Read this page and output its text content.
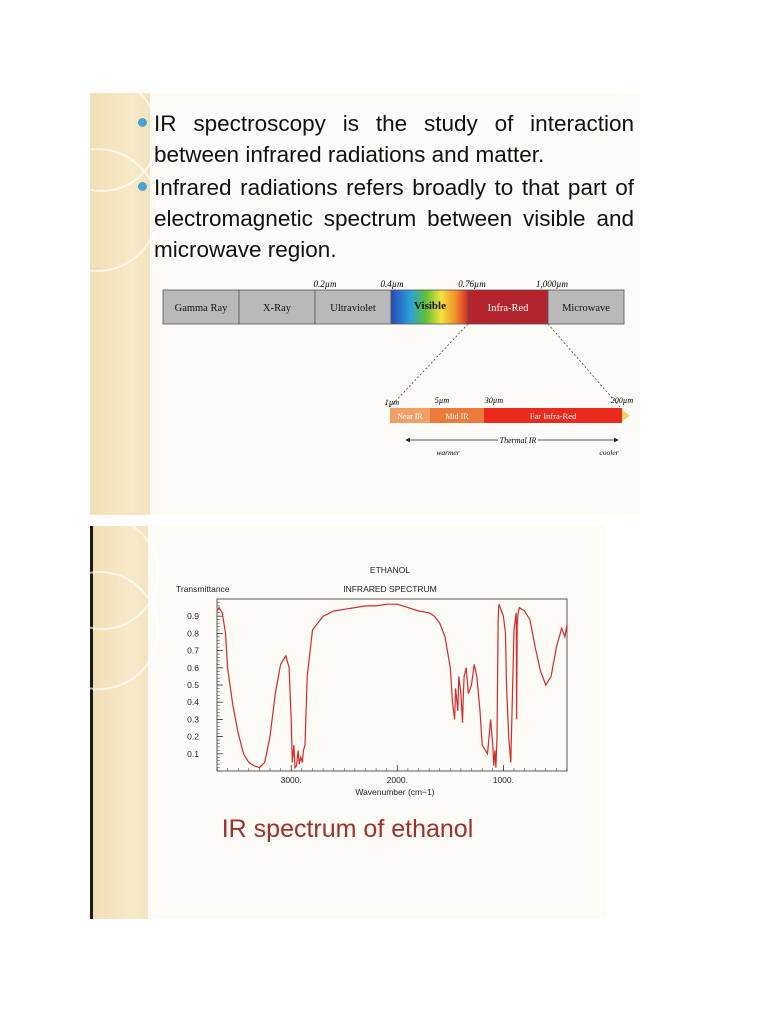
IR spectroscopy is the study of interaction between infrared radiations and matter.
Infrared radiations refers broadly to that part of electromagnetic spectrum between visible and microwave region.
0.2µm	0.4µm	0.76µm	1,000µm
Gamma Ray	X-Ray	Ultraviolet	Visible	Infra-Red	Microwave
1µm	5µm	30µm	200µm
Near IR	Mid IR	Far Infra-Red
Thermal IR
warmer	cooler
ETHANOL
INFRARED SPECTRUM
Transmittance
0.9
0.8
0.7
0.6
0.5
0.4
0.3
0.2
0.1
3000.	2000.	1000.
Wavenumber (cm−1)
IR spectrum of ethanol
